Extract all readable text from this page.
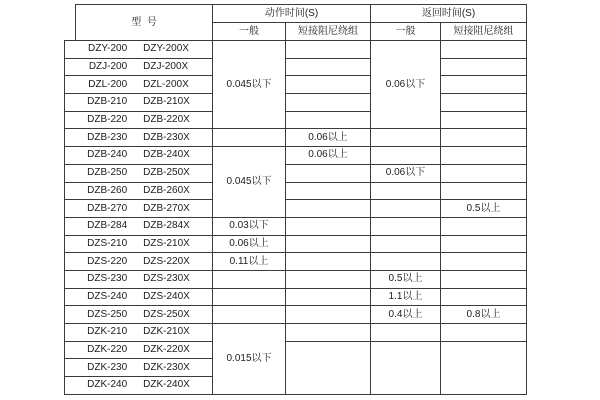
	型  号	动作时间(S)		返回时间(S)	
		一般	短接阻尼绕组	一般	短接阻尼绕组

DZY-200 DZY-200X		0.045以下		0.06以下	

DZJ-200 DZJ-200X					

DZL-200 DZL-200X					

DZB-210 DZB-210X					

DZB-220 DZB-220X					

DZB-230 DZB-230X			0.06以上		

DZB-240 DZB-240X		0.045以下	0.06以上		

DZB-250 DZB-250X				0.06以下	

DZB-260 DZB-260X					

DZB-270 DZB-270X					0.5以上

DZB-284 DZB-284X		0.03以下			

DZS-210 DZS-210X		0.06以上			

DZS-220 DZS-220X		0.11以上			

DZS-230 DZS-230X				0.5以上	

DZS-240 DZS-240X				1.1以上	

DZS-250 DZS-250X				0.4以上	0.8以上

DZK-210 DZK-210X		0.015以下			

DZK-220 DZK-220X					

DZK-230 DZK-230X					

DZK-240 DZK-240X					
